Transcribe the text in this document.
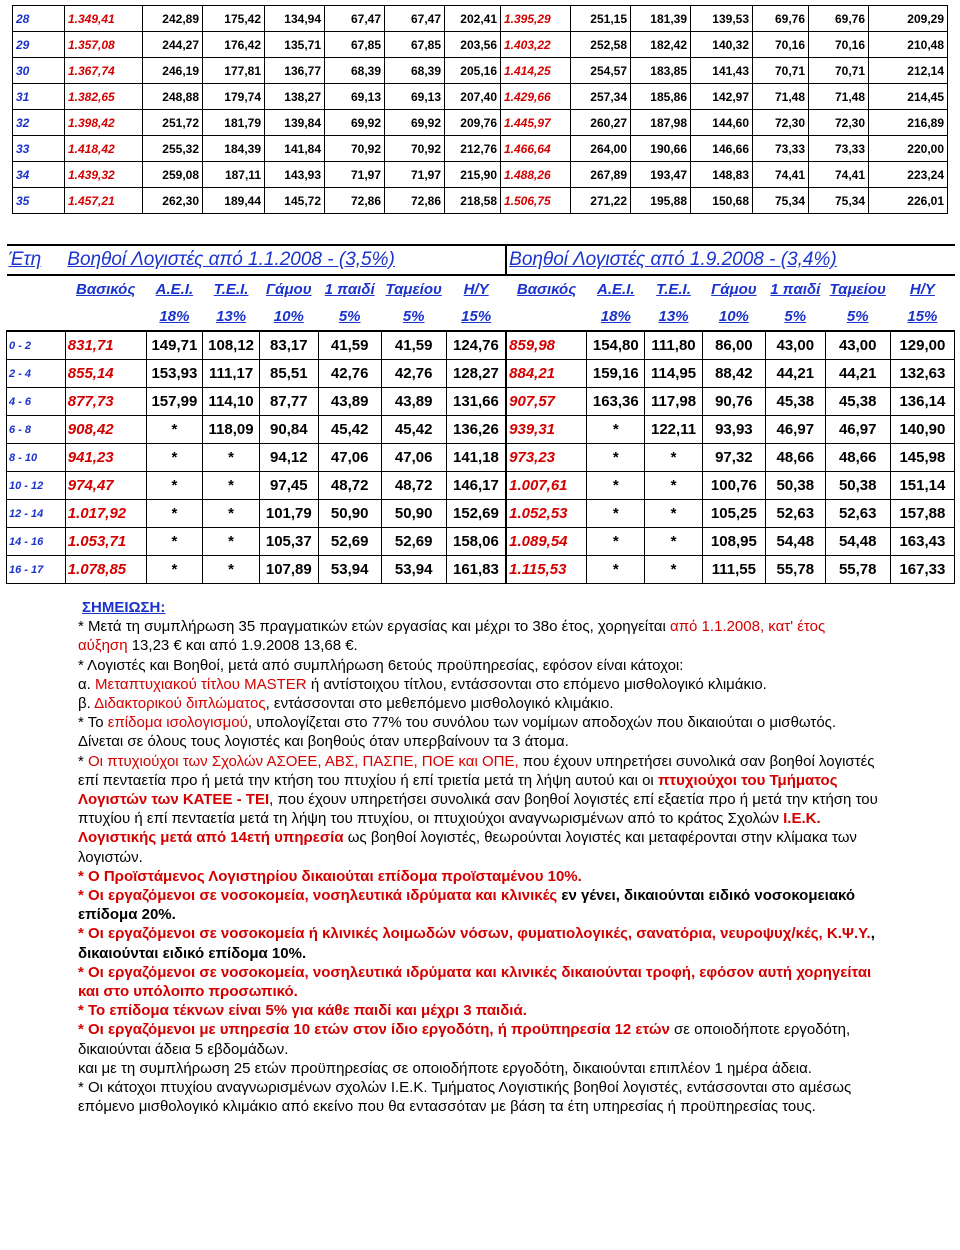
28	1.349,41	242,89	175,42	134,94	67,47	67,47	202,41	1.395,29	251,15	181,39	139,53	69,76	69,76	209,29
29	1.357,08	244,27	176,42	135,71	67,85	67,85	203,56	1.403,22	252,58	182,42	140,32	70,16	70,16	210,48
30	1.367,74	246,19	177,81	136,77	68,39	68,39	205,16	1.414,25	254,57	183,85	141,43	70,71	70,71	212,14
31	1.382,65	248,88	179,74	138,27	69,13	69,13	207,40	1.429,66	257,34	185,86	142,97	71,48	71,48	214,45
32	1.398,42	251,72	181,79	139,84	69,92	69,92	209,76	1.445,97	260,27	187,98	144,60	72,30	72,30	216,89
33	1.418,42	255,32	184,39	141,84	70,92	70,92	212,76	1.466,64	264,00	190,66	146,66	73,33	73,33	220,00
34	1.439,32	259,08	187,11	143,93	71,97	71,97	215,90	1.488,26	267,89	193,47	148,83	74,41	74,41	223,24
35	1.457,21	262,30	189,44	145,72	72,86	72,86	218,58	1.506,75	271,22	195,88	150,68	75,34	75,34	226,01
Έτη	Βοηθοί Λογιστές από 1.1.2008 - (3,5%)							Βοηθοί Λογιστές από 1.9.2008 - (3,4%)						
	Βασικός	Α.Ε.Ι.	Τ.Ε.Ι.	Γάμου	1 παιδί	Ταμείου	Η/Υ	Βασικός	Α.Ε.Ι.	Τ.Ε.Ι.	Γάμου	1 παιδί	Ταμείου	Η/Υ
		18%	13%	10%	5%	5%	15%		18%	13%	10%	5%	5%	15%
0 - 2	831,71	149,71	108,12	83,17	41,59	41,59	124,76	859,98	154,80	111,80	86,00	43,00	43,00	129,00
2 - 4	855,14	153,93	111,17	85,51	42,76	42,76	128,27	884,21	159,16	114,95	88,42	44,21	44,21	132,63
4 - 6	877,73	157,99	114,10	87,77	43,89	43,89	131,66	907,57	163,36	117,98	90,76	45,38	45,38	136,14
6 - 8	908,42	*	118,09	90,84	45,42	45,42	136,26	939,31	*	122,11	93,93	46,97	46,97	140,90
8 - 10	941,23	*	*	94,12	47,06	47,06	141,18	973,23	*	*	97,32	48,66	48,66	145,98
10 - 12	974,47	*	*	97,45	48,72	48,72	146,17	1.007,61	*	*	100,76	50,38	50,38	151,14
12 - 14	1.017,92	*	*	101,79	50,90	50,90	152,69	1.052,53	*	*	105,25	52,63	52,63	157,88
14 - 16	1.053,71	*	*	105,37	52,69	52,69	158,06	1.089,54	*	*	108,95	54,48	54,48	163,43
16 - 17	1.078,85	*	*	107,89	53,94	53,94	161,83	1.115,53	*	*	111,55	55,78	55,78	167,33

ΣΗΜΕΙΩΣΗ:

* Μετά τη συμπλήρωση 35 πραγματικών ετών εργασίας και μέχρι το 38ο έτος, χορηγείται από 1.1.2008, κατ' έτος αύξηση 13,23 € και από 1.9.2008 13,68 €.

* Λογιστές και Βοηθοί, μετά από συμπλήρωση 6ετούς προϋπηρεσίας, εφόσον είναι κάτοχοι:

α. Μεταπτυχιακού τίτλου MASTER ή αντίστοιχου τίτλου, εντάσσονται στο επόμενο μισθολογικό κλιμάκιο.

β. Διδακτορικού διπλώματος, εντάσσονται στο μεθεπόμενο μισθολογικό κλιμάκιο.

* Το επίδομα ισολογισμού, υπολογίζεται στο 77% του συνόλου των νομίμων αποδοχών που δικαιούται ο μισθωτός.

Δίνεται σε όλους τους λογιστές και βοηθούς όταν υπερβαίνουν τα 3 άτομα.

* Οι πτυχιούχοι των Σχολών ΑΣΟΕΕ, ΑΒΣ, ΠΑΣΠΕ, ΠΟΕ και ΟΠΕ, που έχουν υπηρετήσει συνολικά σαν βοηθοί λογιστές επί πενταετία προ ή μετά την κτήση του πτυχίου ή επί τριετία μετά τη λήψη αυτού και οι πτυχιούχοι του Τμήματος Λογιστών των ΚΑΤΕΕ - ΤΕΙ, που έχουν υπηρετήσει συνολικά σαν βοηθοί λογιστές επί εξαετία προ ή μετά την κτήση του πτυχίου ή επί πενταετία μετά τη λήψη του πτυχίου, οι πτυχιούχοι αναγνωρισμένων από το κράτος Σχολών Ι.Ε.Κ. Λογιστικής μετά από 14ετή υπηρεσία ως βοηθοί λογιστές, θεωρούνται λογιστές και μεταφέρονται στην κλίμακα των λογιστών.

* Ο Προϊστάμενος Λογιστηρίου δικαιούται επίδομα προϊσταμένου 10%.

* Οι εργαζόμενοι σε νοσοκομεία, νοσηλευτικά ιδρύματα και κλινικές εν γένει, δικαιούνται ειδικό νοσοκομειακό επίδομα 20%.

* Οι εργαζόμενοι σε νοσοκομεία ή κλινικές λοιμωδών νόσων, φυματιολογικές, σανατόρια, νευροψυχ/κές, Κ.Ψ.Υ., δικαιούνται ειδικό επίδομα 10%.

* Οι εργαζόμενοι σε νοσοκομεία, νοσηλευτικά ιδρύματα και κλινικές δικαιούνται τροφή, εφόσον αυτή χορηγείται και στο υπόλοιπο προσωπικό.

* Το επίδομα τέκνων είναι 5% για κάθε παιδί και μέχρι 3 παιδιά.

* Οι εργαζόμενοι με υπηρεσία 10 ετών στον ίδιο εργοδότη, ή προϋπηρεσία 12 ετών σε οποιοδήποτε εργοδότη, δικαιούνται άδεια 5 εβδομάδων.

και με τη συμπλήρωση 25 ετών προϋπηρεσίας σε οποιοδήποτε εργοδότη, δικαιούνται επιπλέον 1 ημέρα άδεια.

* Οι κάτοχοι πτυχίου αναγνωρισμένων σχολών Ι.Ε.Κ. Τμήματος Λογιστικής βοηθοί λογιστές, εντάσσονται στο αμέσως επόμενο μισθολογικό κλιμάκιο από εκείνο που θα εντασσόταν με βάση τα έτη υπηρεσίας ή προϋπηρεσίας τους.
